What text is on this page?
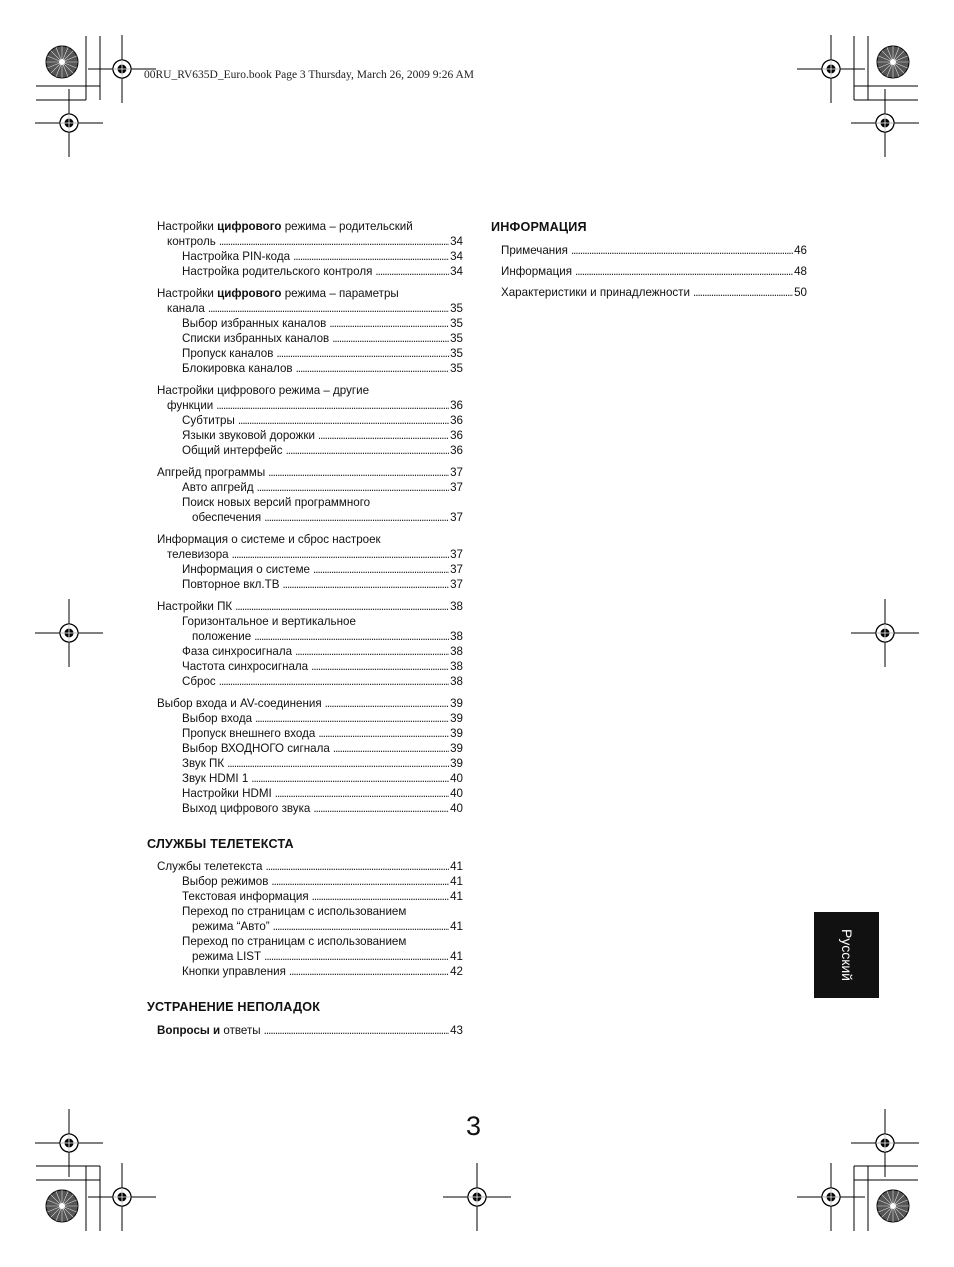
00RU_RV635D_Euro.book Page 3 Thursday, March 26, 2009 9:26 AM
Настройки цифрового режима – родительский
контроль . . .	34
Настройка PIN-кода . . .	34
Настройка родительского контроля . . .	34
Настройки цифрового режима – параметры
канала . . .	35
Выбор избранных каналов . . .	35
Списки избранных каналов . . .	35
Пропуск каналов . . .	35
Блокировка каналов . . .	35
Настройки цифрового режима – другие
функции . . .	36
Субтитры . . .	36
Языки звуковой дорожки . . .	36
Общий интерфейс . . .	36
Апгрейд программы . . .	37
Авто апгрейд . . .	37
Поиск новых версий программного
обеспечения . . .	37
Информация о системе и сброс настроек
телевизора . . .	37
Информация о системе . . .	37
Повторное вкл.ТВ . . .	37
Настройки ПК . . .	38
Горизонтальное и вертикальное
положение . . .	38
Фаза синхросигнала . . .	38
Частота синхросигнала . . .	38
Сброс . . .	38
Выбор входа и AV-соединения . . .	39
Выбор входа . . .	39
Пропуск внешнего входа . . .	39
Выбор ВХОДНОГО сигнала . . .	39
Звук ПК . . .	39
Звук HDMI 1 . . .	40
Настройки HDMI . . .	40
Выход цифрового звука . . .	40
СЛУЖБЫ ТЕЛЕТЕКСТА
Службы телетекста . . .	41
Выбор режимов . . .	41
Текстовая информация . . .	41
Переход по страницам с использованием
режима “Авто” . . .	41
Переход по страницам с использованием
режима LIST . . .	41
Кнопки управления . . .	42
УСТРАНЕНИЕ НЕПОЛАДОК
Вопросы и ответы . . .	43
ИНФОРМАЦИЯ
Примечания . . .	46
Информация . . .	48
Характеристики и принадлежности . . .	50
Русский
3
